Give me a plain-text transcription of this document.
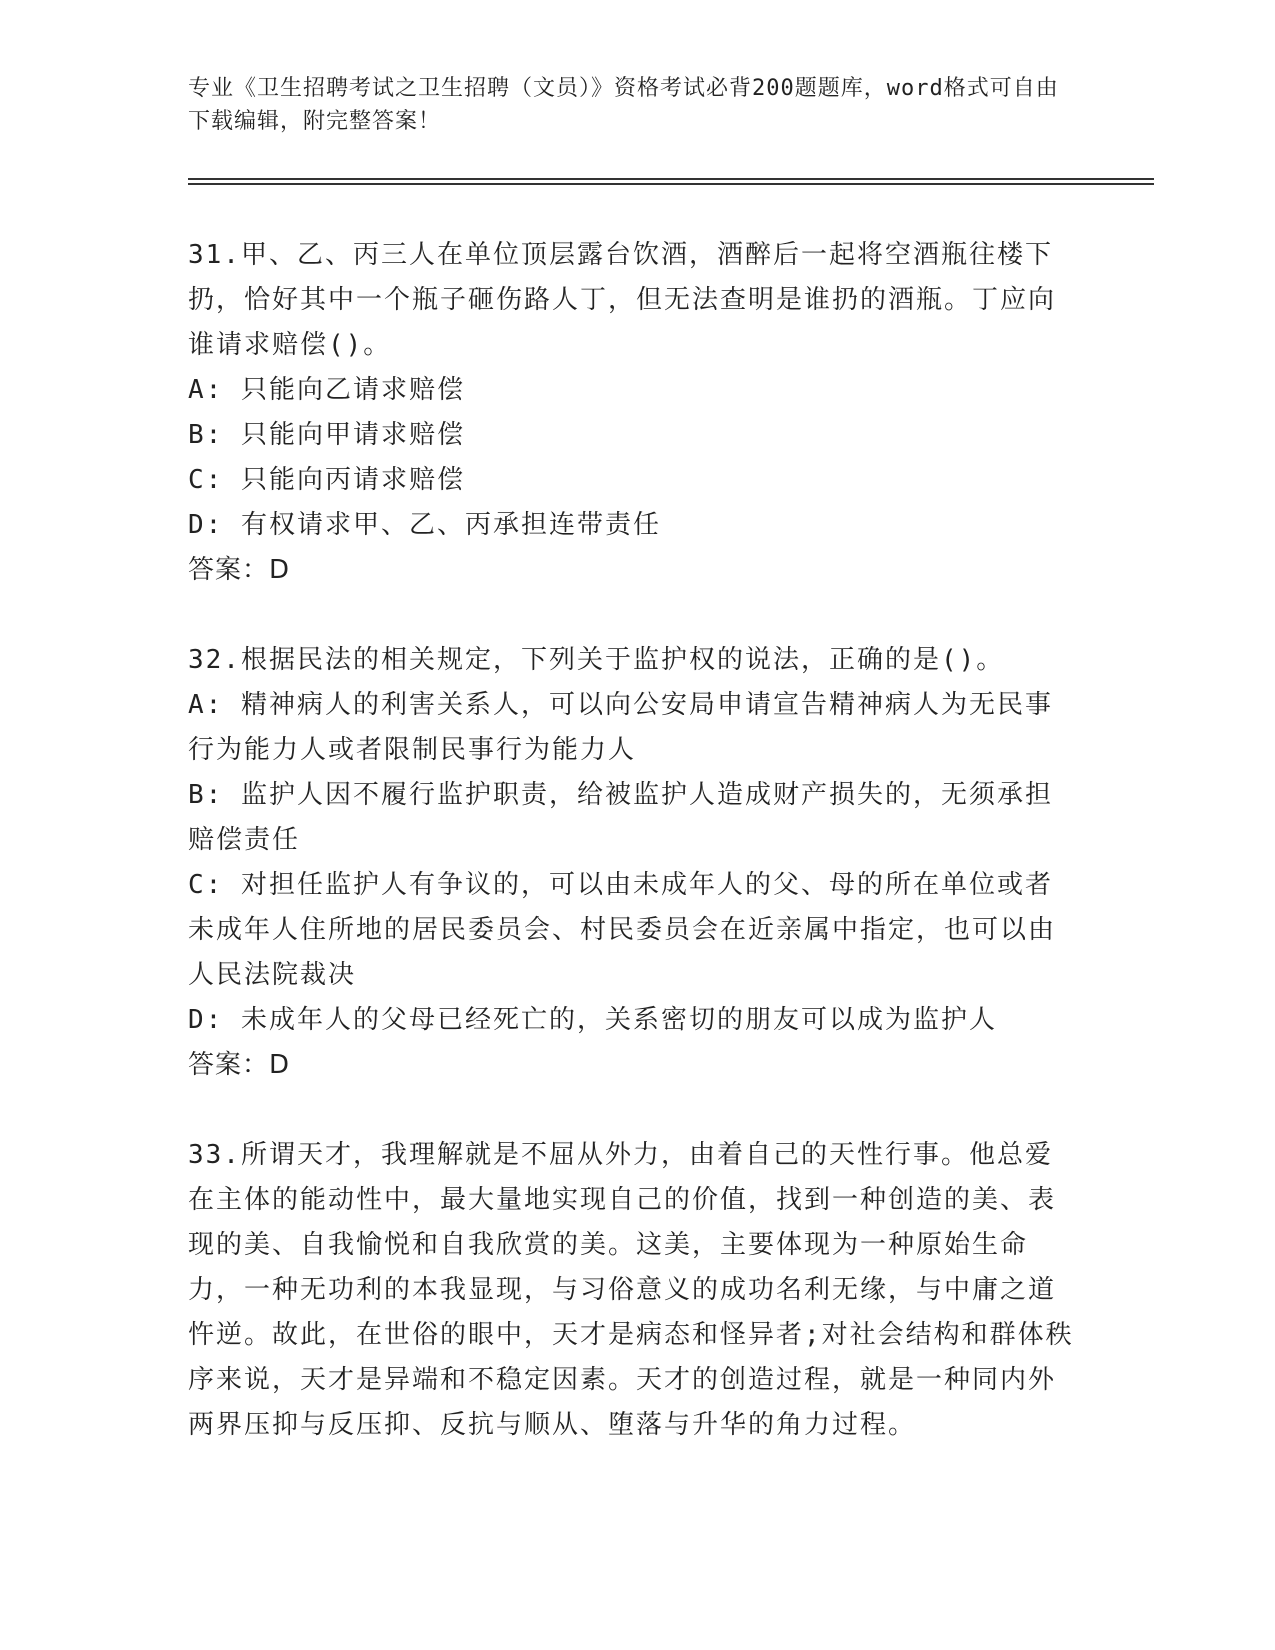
专业《卫生招聘考试之卫生招聘（文员）》资格考试必背200题题库，word格式可自由下载编辑，附完整答案！

31.甲、乙、丙三人在单位顶层露台饮酒，酒醉后一起将空酒瓶往楼下扔，恰好其中一个瓶子砸伤路人丁，但无法查明是谁扔的酒瓶。丁应向谁请求赔偿()。

A: 只能向乙请求赔偿

B: 只能向甲请求赔偿

C: 只能向丙请求赔偿

D: 有权请求甲、乙、丙承担连带责任

答案：D

32.根据民法的相关规定，下列关于监护权的说法，正确的是()。

A: 精神病人的利害关系人，可以向公安局申请宣告精神病人为无民事行为能力人或者限制民事行为能力人

B: 监护人因不履行监护职责，给被监护人造成财产损失的，无须承担赔偿责任

C: 对担任监护人有争议的，可以由未成年人的父、母的所在单位或者未成年人住所地的居民委员会、村民委员会在近亲属中指定，也可以由人民法院裁决

D: 未成年人的父母已经死亡的，关系密切的朋友可以成为监护人

答案：D

33.所谓天才，我理解就是不屈从外力，由着自己的天性行事。他总爱在主体的能动性中，最大量地实现自己的价值，找到一种创造的美、表现的美、自我愉悦和自我欣赏的美。这美，主要体现为一种原始生命力，一种无功利的本我显现，与习俗意义的成功名利无缘，与中庸之道忤逆。故此，在世俗的眼中，天才是病态和怪异者;对社会结构和群体秩序来说，天才是异端和不稳定因素。天才的创造过程，就是一种同内外两界压抑与反压抑、反抗与顺从、堕落与升华的角力过程。
